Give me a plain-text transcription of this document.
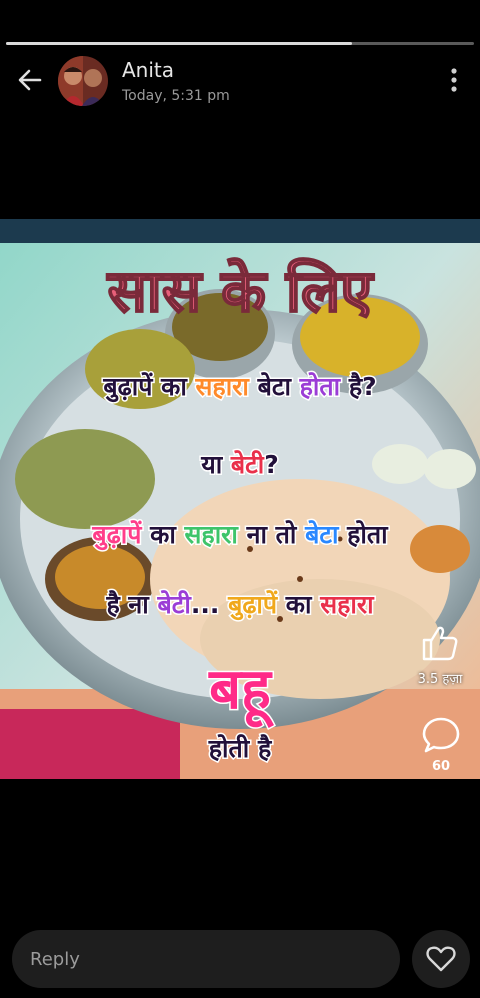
Anita
Today, 5:31 pm
सास के लिए
बुढ़ापें का सहारा बेटा होता है?
या बेटी?
बुढ़ापें का सहारा ना तो बेटा होता
है ना बेटी... बुढ़ापें का सहारा
बहू
होती है
3.5 हज़ा
60
Reply
